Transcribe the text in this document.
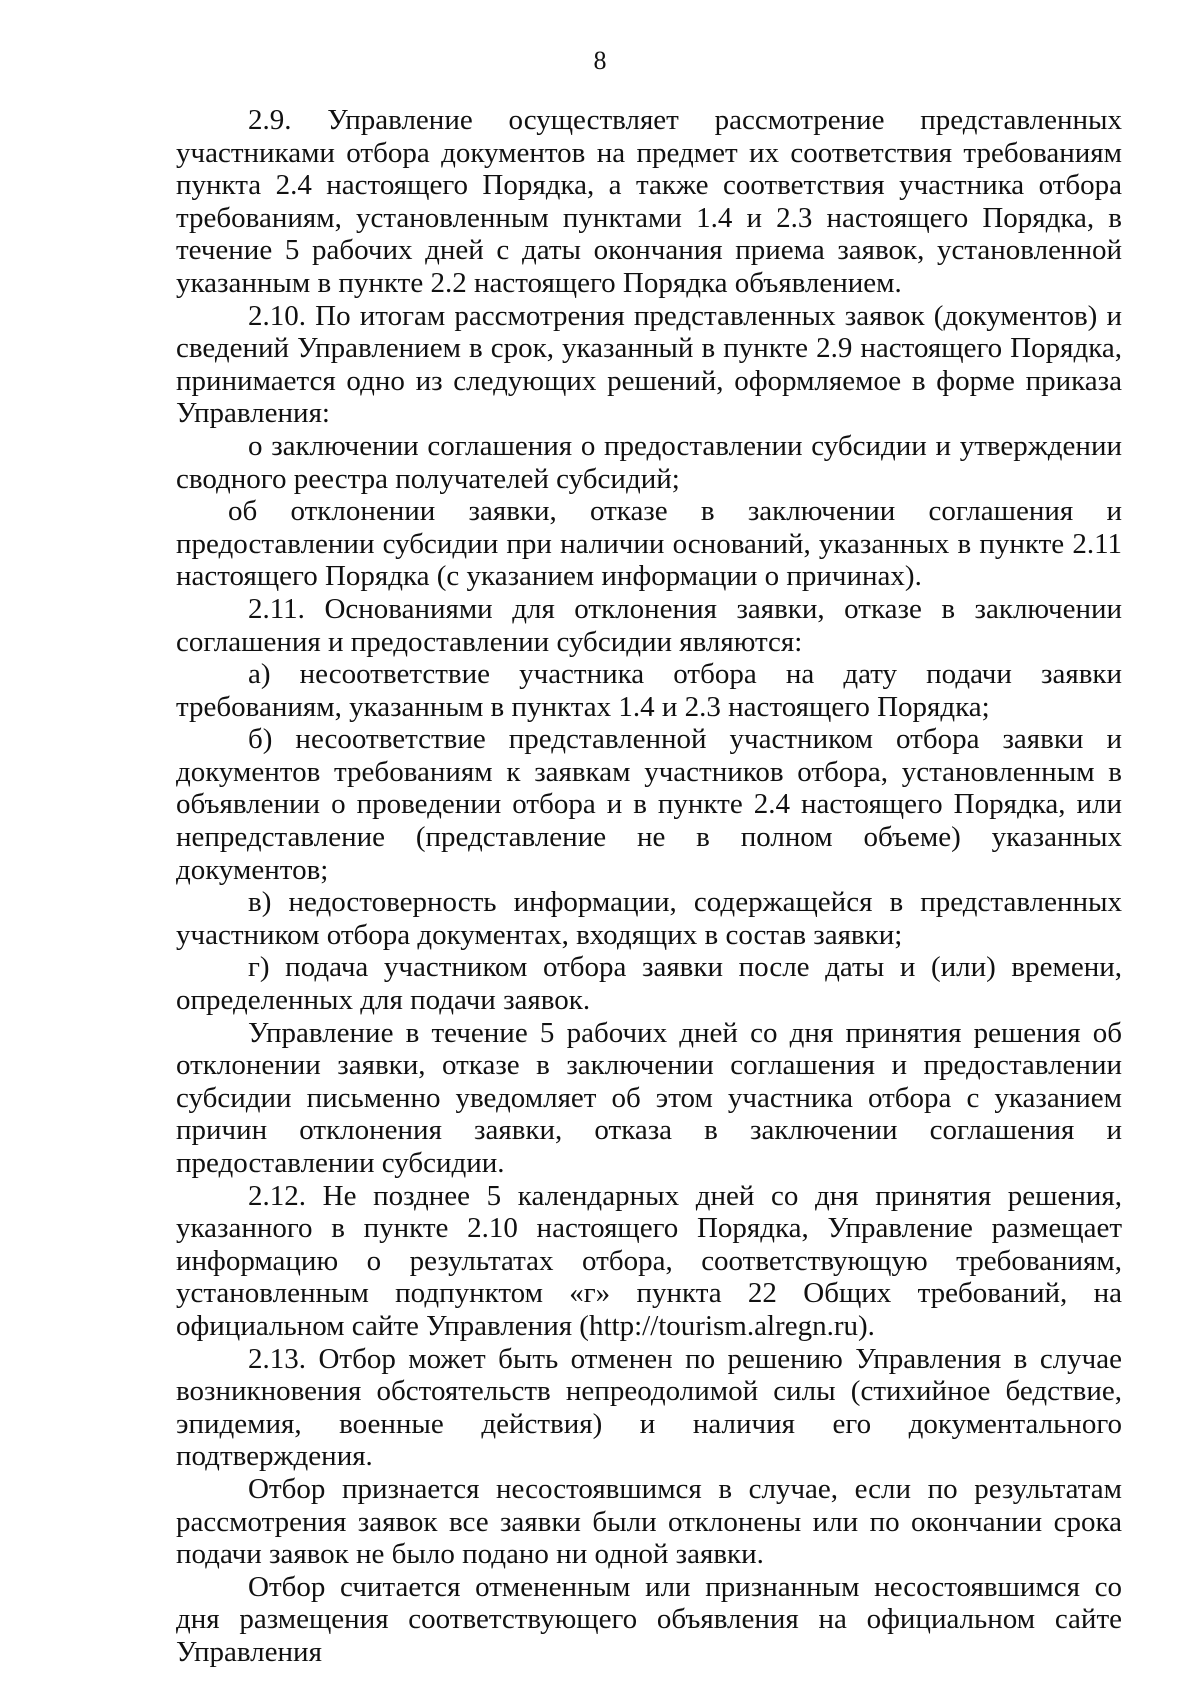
8

2.9. Управление осуществляет рассмотрение представленных участниками отбора документов на предмет их соответствия требованиям пункта 2.4 настоящего Порядка, а также соответствия участника отбора требованиям, установленным пунктами 1.4 и 2.3 настоящего Порядка, в течение 5 рабочих дней с даты окончания приема заявок, установленной указанным в пункте 2.2 настоящего Порядка объявлением.

2.10. По итогам рассмотрения представленных заявок (документов) и сведений Управлением в срок, указанный в пункте 2.9 настоящего Порядка, принимается одно из следующих решений, оформляемое в форме приказа Управления:

о заключении соглашения о предоставлении субсидии и утверждении сводного реестра получателей субсидий;

об отклонении заявки, отказе в заключении соглашения и предоставлении субсидии при наличии оснований, указанных в пункте 2.11 настоящего Порядка (с указанием информации о причинах).

2.11. Основаниями для отклонения заявки, отказе в заключении соглашения и предоставлении субсидии являются:

а) несоответствие участника отбора на дату подачи заявки требованиям, указанным в пунктах 1.4 и 2.3 настоящего Порядка;

б) несоответствие представленной участником отбора заявки и документов требованиям к заявкам участников отбора, установленным в объявлении о проведении отбора и в пункте 2.4 настоящего Порядка, или непредставление (представление не в полном объеме) указанных документов;

в) недостоверность информации, содержащейся в представленных участником отбора документах, входящих в состав заявки;

г) подача участником отбора заявки после даты и (или) времени, определенных для подачи заявок.

Управление в течение 5 рабочих дней со дня принятия решения об отклонении заявки, отказе в заключении соглашения и предоставлении субсидии письменно уведомляет об этом участника отбора с указанием причин отклонения заявки, отказа в заключении соглашения и предоставлении субсидии.

2.12. Не позднее 5 календарных дней со дня принятия решения, указанного в пункте 2.10 настоящего Порядка, Управление размещает информацию о результатах отбора, соответствующую требованиям, установленным подпунктом «г» пункта 22 Общих требований, на официальном сайте Управления (http://tourism.alregn.ru).

2.13. Отбор может быть отменен по решению Управления в случае возникновения обстоятельств непреодолимой силы (стихийное бедствие, эпидемия, военные действия) и наличия его документального подтверждения.

Отбор признается несостоявшимся в случае, если по результатам рассмотрения заявок все заявки были отклонены или по окончании срока подачи заявок не было подано ни одной заявки.

Отбор считается отмененным или признанным несостоявшимся со дня размещения соответствующего объявления на официальном сайте Управления
